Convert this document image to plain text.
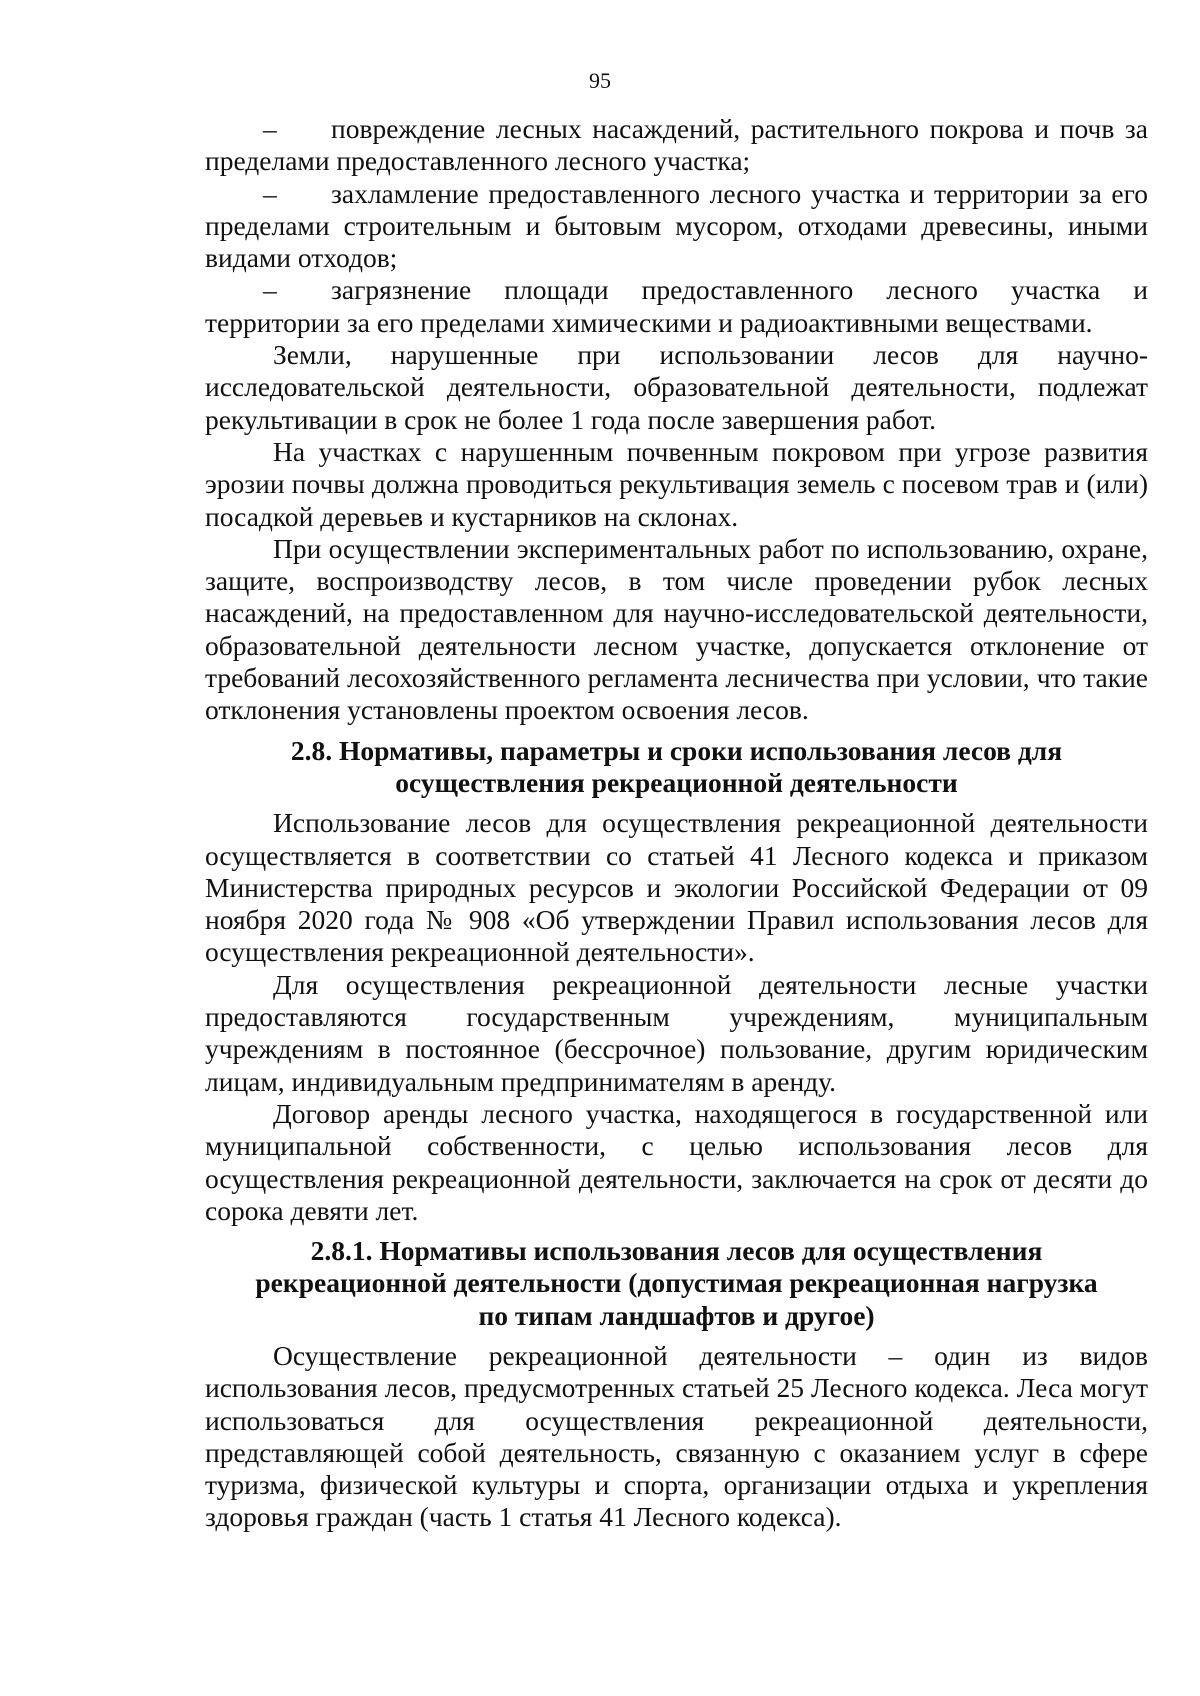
95

– повреждение лесных насаждений, растительного покрова и почв за пределами предоставленного лесного участка;

– захламление предоставленного лесного участка и территории за его пределами строительным и бытовым мусором, отходами древесины, иными видами отходов;

– загрязнение площади предоставленного лесного участка и территории за его пределами химическими и радиоактивными веществами.

Земли, нарушенные при использовании лесов для научно-исследовательской деятельности, образовательной деятельности, подлежат рекультивации в срок не более 1 года после завершения работ.

На участках с нарушенным почвенным покровом при угрозе развития эрозии почвы должна проводиться рекультивация земель с посевом трав и (или) посадкой деревьев и кустарников на склонах.

При осуществлении экспериментальных работ по использованию, охране, защите, воспроизводству лесов, в том числе проведении рубок лесных насаждений, на предоставленном для научно-исследовательской деятельности, образовательной деятельности лесном участке, допускается отклонение от требований лесохозяйственного регламента лесничества при условии, что такие отклонения установлены проектом освоения лесов.

2.8. Нормативы, параметры и сроки использования лесов для осуществления рекреационной деятельности

Использование лесов для осуществления рекреационной деятельности осуществляется в соответствии со статьей 41 Лесного кодекса и приказом Министерства природных ресурсов и экологии Российской Федерации от 09 ноября 2020 года № 908 «Об утверждении Правил использования лесов для осуществления рекреационной деятельности».

Для осуществления рекреационной деятельности лесные участки предоставляются государственным учреждениям, муниципальным учреждениям в постоянное (бессрочное) пользование, другим юридическим лицам, индивидуальным предпринимателям в аренду.

Договор аренды лесного участка, находящегося в государственной или муниципальной собственности, с целью использования лесов для осуществления рекреационной деятельности, заключается на срок от десяти до сорока девяти лет.

2.8.1. Нормативы использования лесов для осуществления рекреационной деятельности (допустимая рекреационная нагрузка по типам ландшафтов и другое)

Осуществление рекреационной деятельности – один из видов использования лесов, предусмотренных статьей 25 Лесного кодекса. Леса могут использоваться для осуществления рекреационной деятельности, представляющей собой деятельность, связанную с оказанием услуг в сфере туризма, физической культуры и спорта, организации отдыха и укрепления здоровья граждан (часть 1 статья 41 Лесного кодекса).
